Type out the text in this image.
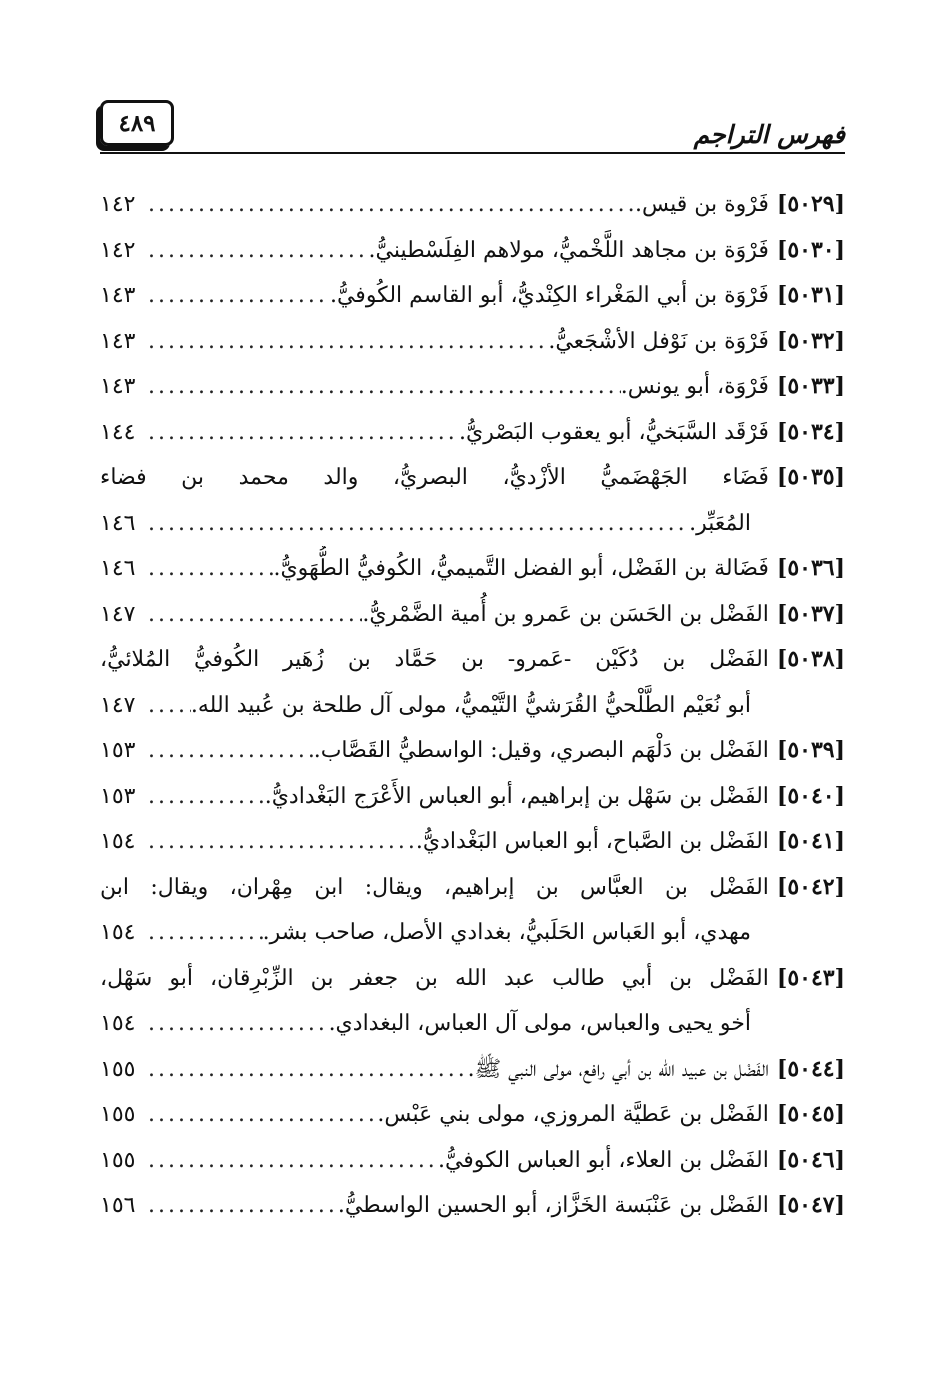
فهرس التراجم
٤٨٩
[٥٠٢٩]
فَرْوة بن قيس.
.....
١٤٢
[٥٠٣٠]
فَرْوَة بن مجاهد اللَّخْميُّ، مولاهم الفِلَسْطينيُّ.
.....
١٤٢
[٥٠٣١]
فَرْوَة بن أبي المَغْراء الكِنْديُّ، أبو القاسم الكُوفيُّ.
.....
١٤٣
[٥٠٣٢]
فَرْوَة بن نَوْفل الأشْجَعيُّ.
.....
١٤٣
[٥٠٣٣]
فَرْوَة، أبو يونس.
.....
١٤٣
[٥٠٣٤]
فَرْقَد السَّبَخيُّ، أبو يعقوب البَصْريُّ.
.....
١٤٤
[٥٠٣٥]
فَضَاء الجَهْضَميُّ الأزْديُّ، البصريُّ، والد محمد بن فضاء
المُعَبِّر.
.....
١٤٦
[٥٠٣٦]
فَضَالة بن الفَضْل، أبو الفضل التَّميميُّ، الكُوفيُّ الطُّهَويُّ.
.....
١٤٦
[٥٠٣٧]
الفَضْل بن الحَسَن بن عَمرو بن أُمية الضَّمْريُّ.
.....
١٤٧
[٥٠٣٨]
الفَضْل بن دُكَيْن -عَمرو- بن حَمَّاد بن زُهَير الكُوفيُّ المُلائيُّ،
أبو نُعَيْم الطَّلْحيُّ القُرَشيُّ التَّيْميُّ، مولى آل طلحة بن عُبيد الله.
.....
١٤٧
[٥٠٣٩]
الفَضْل بن دَلْهَم البصري، وقيل: الواسطيُّ القَصَّاب.
.....
١٥٣
[٥٠٤٠]
الفَضْل بن سَهْل بن إبراهيم، أبو العباس الأَعْرَج البَغْداديُّ.
.....
١٥٣
[٥٠٤١]
الفَضْل بن الصَّباح، أبو العباس البَغْداديُّ.
.....
١٥٤
[٥٠٤٢]
الفَضْل بن العبَّاس بن إبراهيم، ويقال: ابن مِهْران، ويقال: ابن
مهدي، أبو العَباس الحَلَبيُّ، بغدادي الأصل، صاحب بشر.
.....
١٥٤
[٥٠٤٣]
الفَضْل بن أبي طالب عبد الله بن جعفر بن الزِّبْرِقان، أبو سَهْل،
أخو يحيى والعباس، مولى آل العباس، البغدادي.
.....
١٥٤
[٥٠٤٤]
الفَضْل بن عبيد الله بن أبي رافع، مولى النبي ﷺ.
.....
١٥٥
[٥٠٤٥]
الفَضْل بن عَطيَّة المروزي، مولى بني عَبْس.
.....
١٥٥
[٥٠٤٦]
الفَضْل بن العلاء، أبو العباس الكوفيُّ.
.....
١٥٥
[٥٠٤٧]
الفَضْل بن عَنْبَسة الخَزَّاز، أبو الحسين الواسطيُّ.
.....
١٥٦
